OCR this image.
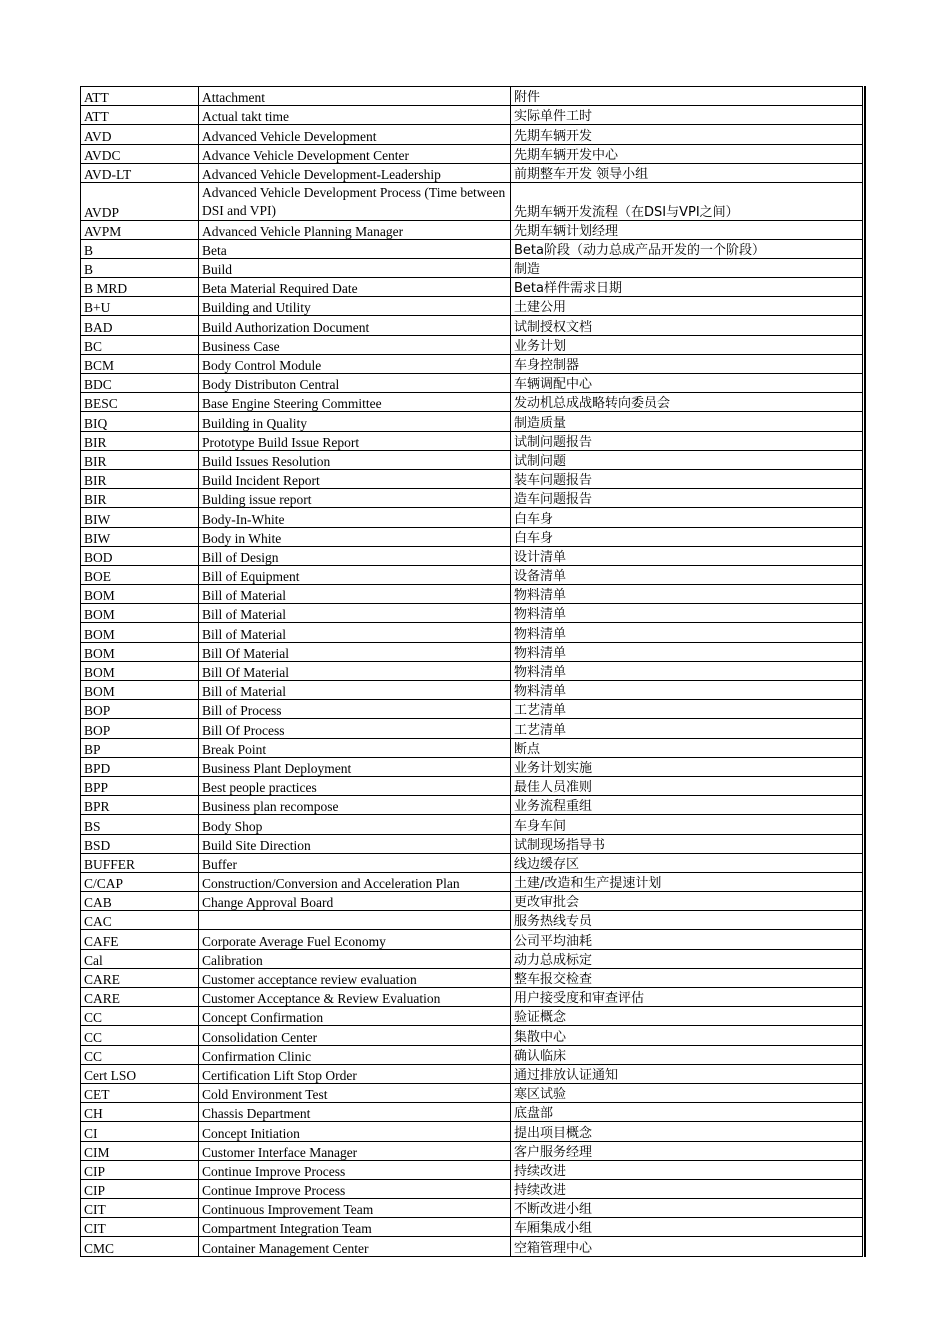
ATT	Attachment	附件
ATT	Actual takt time	实际单件工时
AVD	Advanced Vehicle Development	先期车辆开发
AVDC	Advance Vehicle Development Center	先期车辆开发中心
AVD-LT	Advanced Vehicle Development-Leadership	前期整车开发 领导小组
AVDP	Advanced Vehicle Development Process (Time between DSI and VPI)	先期车辆开发流程（在DSI与VPI之间）
AVPM	Advanced Vehicle Planning Manager	先期车辆计划经理
B	Beta	Beta阶段（动力总成产品开发的一个阶段）
B	Build	制造
B MRD	Beta Material Required Date	Beta样件需求日期
B+U	Building and Utility	土建公用
BAD	Build Authorization Document	试制授权文档
BC	Business Case	业务计划
BCM	Body Control Module	车身控制器
BDC	Body Distributon Central	车辆调配中心
BESC	Base Engine Steering Committee	发动机总成战略转向委员会
BIQ	Building in Quality	制造质量
BIR	Prototype Build Issue Report	试制问题报告
BIR	Build Issues Resolution	试制问题
BIR	Build Incident Report	装车问题报告
BIR	Bulding issue report	造车问题报告
BIW	Body-In-White	白车身
BIW	Body in White	白车身
BOD	Bill of Design	设计清单
BOE	Bill of Equipment	设备清单
BOM	Bill of Material	物料清单
BOM	Bill of Material	物料清单
BOM	Bill of Material	物料清单
BOM	Bill Of Material	物料清单
BOM	Bill Of Material	物料清单
BOM	Bill of Material	物料清单
BOP	Bill of Process	工艺清单
BOP	Bill Of Process	工艺清单
BP	Break Point	断点
BPD	Business Plant Deployment	业务计划实施
BPP	Best people practices	最佳人员准则
BPR	Business plan recompose	业务流程重组
BS	Body Shop	车身车间
BSD	Build Site Direction	试制现场指导书
BUFFER	Buffer	线边缓存区
C/CAP	Construction/Conversion and Acceleration Plan	土建/改造和生产提速计划
CAB	Change Approval Board	更改审批会
CAC		服务热线专员
CAFE	Corporate Average Fuel Economy	公司平均油耗
Cal	Calibration	动力总成标定
CARE	Customer acceptance review evaluation	整车报交检查
CARE	Customer Acceptance & Review Evaluation	用户接受度和审查评估
CC	Concept Confirmation	验证概念
CC	Consolidation Center	集散中心
CC	Confirmation Clinic	确认临床
Cert LSO	Certification Lift Stop Order	通过排放认证通知
CET	Cold Environment Test	寒区试验
CH	Chassis Department	底盘部
CI	Concept Initiation	提出项目概念
CIM	Customer Interface Manager	客户服务经理
CIP	Continue Improve Process	持续改进
CIP	Continue Improve Process	持续改进
CIT	Continuous Improvement Team	不断改进小组
CIT	Compartment Integration Team	车厢集成小组
CMC	Container Management Center	空箱管理中心
